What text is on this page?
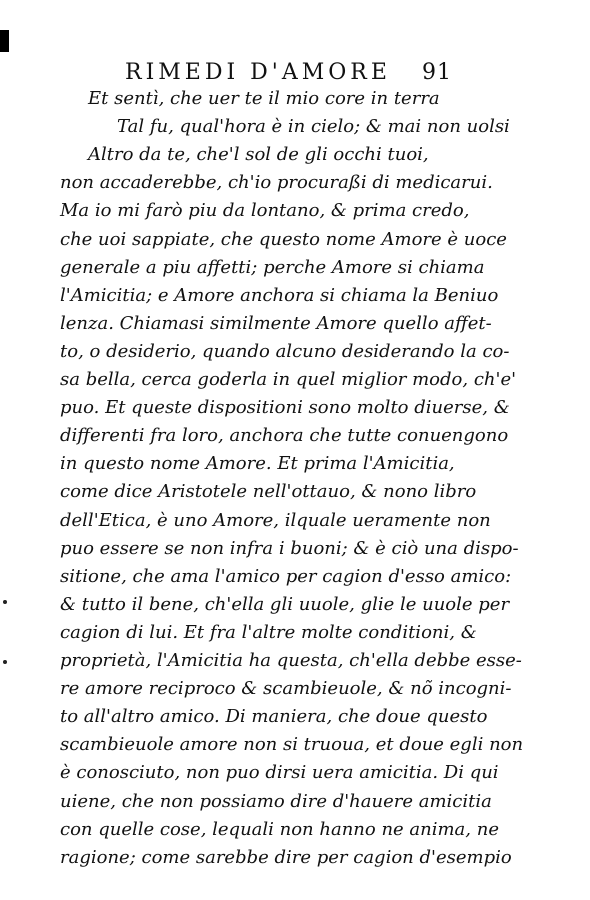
RIMEDI D'AMORE 91
Et sentì, che uer te il mio core in terra
Tal fu, qual'hora è in cielo; & mai non uolsi
Altro da te, che'l sol de gli occhi tuoi,
non accaderebbe, ch'io procuraßi di medicarui.
Ma io mi farò piu da lontano, & prima credo,
che uoi sappiate, che questo nome Amore è uoce
generale a piu affetti; perche Amore si chiama
l'Amicitia; e Amore anchora si chiama la Beniuo
lenza. Chiamasi similmente Amore quello affet-
to, o desiderio, quando alcuno desiderando la co-
sa bella, cerca goderla in quel miglior modo, ch'e'
puo. Et queste dispositioni sono molto diuerse, &
differenti fra loro, anchora che tutte conuengono
in questo nome Amore. Et prima l'Amicitia,
come dice Aristotele nell'ottauo, & nono libro
dell'Etica, è uno Amore, ilquale ueramente non
puo essere se non infra i buoni; & è ciò una dispo-
sitione, che ama l'amico per cagion d'esso amico:
& tutto il bene, ch'ella gli uuole, glie le uuole per
cagion di lui. Et fra l'altre molte conditioni, &
proprietà, l'Amicitia ha questa, ch'ella debbe esse-
re amore reciproco & scambieuole, & nõ incogni-
to all'altro amico. Di maniera, che doue questo
scambieuole amore non si truoua, et doue egli non
è conosciuto, non puo dirsi uera amicitia. Di qui
uiene, che non possiamo dire d'hauere amicitia
con quelle cose, lequali non hanno ne anima, ne
ragione; come sarebbe dire per cagion d'esempio
